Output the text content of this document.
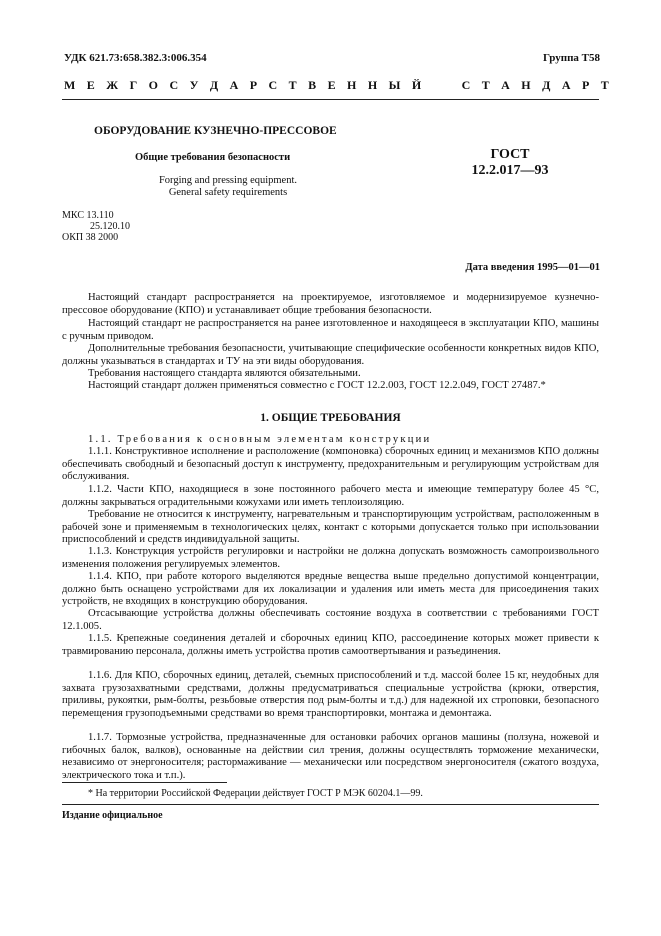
УДК 621.73:658.382.3:006.354	Группа Т58
М Е Ж Г О С У Д А Р С Т В Е Н Н Ы Й

	С Т А Н Д А Р Т
ОБОРУДОВАНИЕ КУЗНЕЧНО-ПРЕССОВОЕ
Общие требования безопасности
Forging and pressing equipment.
General safety requirements
ГОСТ
12.2.017—93
МКС 13.110
25.120.10
ОКП 38 2000
Дата введения 1995—01—01

Настоящий стандарт распространяется на проектируемое, изготовляемое и модернизируемое кузнечно-прессовое оборудование (КПО) и устанавливает общие требования безопасности.

Настоящий стандарт не распространяется на ранее изготовленное и находящееся в эксплуатации КПО, машины с ручным приводом.

Дополнительные требования безопасности, учитывающие специфические особенности конкретных видов КПО, должны указываться в стандартах и ТУ на эти виды оборудования.

Требования настоящего стандарта являются обязательными.

Настоящий стандарт должен применяться совместно с ГОСТ 12.2.003, ГОСТ 12.2.049, ГОСТ 27487.*

1. ОБЩИЕ ТРЕБОВАНИЯ

1.1. Требования к основным элементам конструкции

1.1.1. Конструктивное исполнение и расположение (компоновка) сборочных единиц и механизмов КПО должны обеспечивать свободный и безопасный доступ к инструменту, предохранительным и регулирующим устройствам для обслуживания.

1.1.2. Части КПО, находящиеся в зоне постоянного рабочего места и имеющие температуру более 45 °С, должны закрываться оградительными кожухами или иметь теплоизоляцию.

Требование не относится к инструменту, нагревательным и транспортирующим устройствам, расположенным в рабочей зоне и применяемым в технологических целях, контакт с которыми допускается только при использовании приспособлений и средств индивидуальной защиты.

1.1.3. Конструкция устройств регулировки и настройки не должна допускать возможность самопроизвольного изменения положения регулируемых элементов.

1.1.4. КПО, при работе которого выделяются вредные вещества выше предельно допустимой концентрации, должно быть оснащено устройствами для их локализации и удаления или иметь места для присоединения таких устройств, не входящих в конструкцию оборудования.

Отсасывающие устройства должны обеспечивать состояние воздуха в соответствии с требованиями ГОСТ 12.1.005.

1.1.5. Крепежные соединения деталей и сборочных единиц КПО, рассоединение которых может привести к травмированию персонала, должны иметь устройства против самоотвертывания и разъединения.

1.1.6. Для КПО, сборочных единиц, деталей, съемных приспособлений и т.д. массой более 15 кг, неудобных для захвата грузозахватными средствами, должны предусматриваться специальные устройства (крюки, отверстия, приливы, рукоятки, рым-болты, резьбовые отверстия под рым-болты и т.д.) для надежной их строповки, безопасного перемещения грузоподъемными средствами во время транспортировки, монтажа и демонтажа.

1.1.7. Тормозные устройства, предназначенные для остановки рабочих органов машины (ползуна, ножевой и гибочных балок, валков), основанные на действии сил трения, должны осуществлять торможение механически, независимо от энергоносителя; растормаживание — механически или посредством энергоносителя (сжатого воздуха, электрического тока и т.п.).

* На территории Российской Федерации действует ГОСТ Р МЭК 60204.1—99.
Издание официальное
